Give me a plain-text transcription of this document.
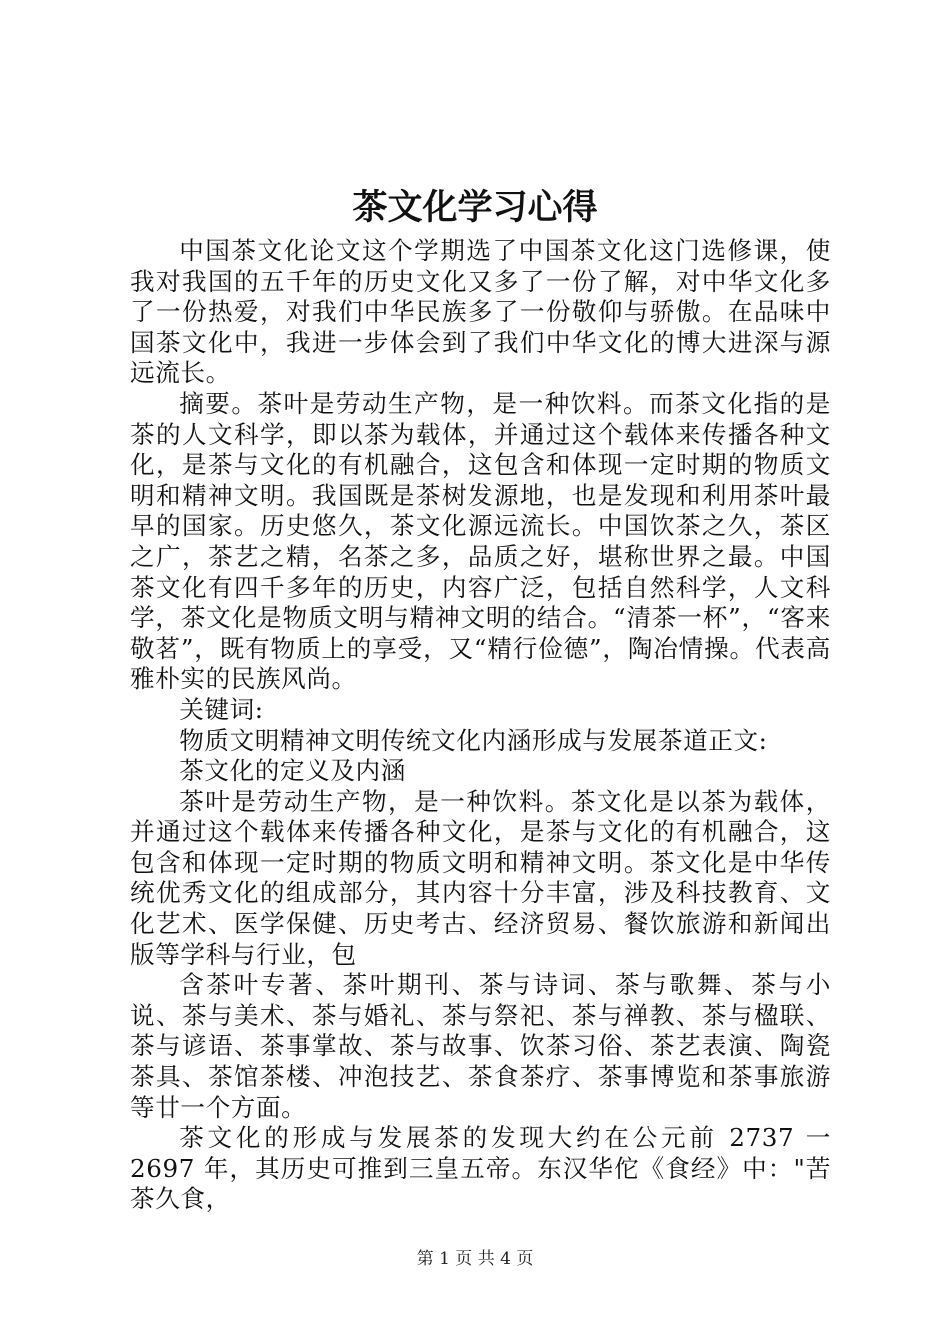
茶文化学习心得

中国茶文化论文这个学期选了中国茶文化这门选修课，使我对我国的五千年的历史文化又多了一份了解，对中华文化多了一份热爱，对我们中华民族多了一份敬仰与骄傲。在品味中国茶文化中，我进一步体会到了我们中华文化的博大进深与源远流长。

摘要。茶叶是劳动生产物，是一种饮料。而茶文化指的是茶的人文科学，即以茶为载体，并通过这个载体来传播各种文化，是茶与文化的有机融合，这包含和体现一定时期的物质文明和精神文明。我国既是茶树发源地，也是发现和利用茶叶最早的国家。历史悠久，茶文化源远流长。中国饮茶之久，茶区之广，茶艺之精，名茶之多，品质之好，堪称世界之最。中国茶文化有四千多年的历史，内容广泛，包括自然科学，人文科学，茶文化是物质文明与精神文明的结合。“清茶一杯”，“客来敬茗”，既有物质上的享受，又“精行俭德”，陶冶情操。代表高雅朴实的民族风尚。

关键词:

物质文明精神文明传统文化内涵形成与发展茶道正文:

茶文化的定义及内涵

茶叶是劳动生产物，是一种饮料。茶文化是以茶为载体，并通过这个载体来传播各种文化，是茶与文化的有机融合，这包含和体现一定时期的物质文明和精神文明。茶文化是中华传统优秀文化的组成部分，其内容十分丰富，涉及科技教育、文化艺术、医学保健、历史考古、经济贸易、餐饮旅游和新闻出版等学科与行业，包

含茶叶专著、茶叶期刊、茶与诗词、茶与歌舞、茶与小说、茶与美术、茶与婚礼、茶与祭祀、茶与禅教、茶与楹联、茶与谚语、茶事掌故、茶与故事、饮茶习俗、茶艺表演、陶瓷茶具、茶馆茶楼、冲泡技艺、茶食茶疗、茶事博览和茶事旅游等廿一个方面。

茶文化的形成与发展茶的发现大约在公元前 2737 一 2697 年，其历史可推到三皇五帝。东汉华佗《食经》中："苦茶久食，

第 1 页 共 4 页
